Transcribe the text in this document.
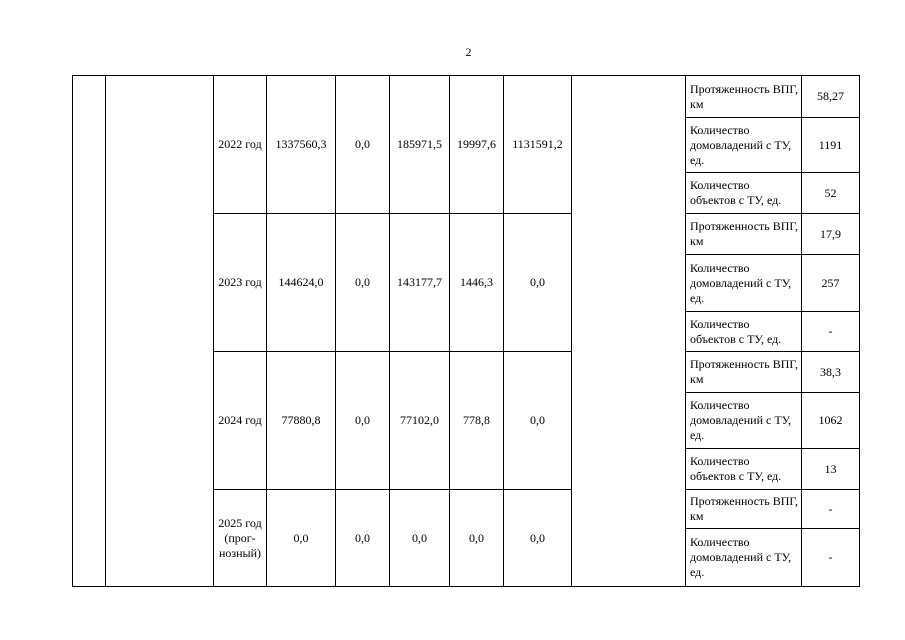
2
		2022 год	1337560,3	0,0	185971,5	19997,6	1131591,2		Протяженность ВПГ, км	58,27
									Количество домовладений с ТУ, ед.	1191
									Количество объектов с ТУ, ед.	52
		2023 год	144624,0	0,0	143177,7	1446,3	0,0		Протяженность ВПГ, км	17,9
									Количество домовладений с ТУ, ед.	257
									Количество объектов с ТУ, ед.	-
		2024 год	77880,8	0,0	77102,0	778,8	0,0		Протяженность ВПГ, км	38,3
									Количество домовладений с ТУ, ед.	1062
									Количество объектов с ТУ, ед.	13
		2025 год (прог-нозный)	0,0	0,0	0,0	0,0	0,0		Протяженность ВПГ, км	-
									Количество домовладений с ТУ, ед.	-
